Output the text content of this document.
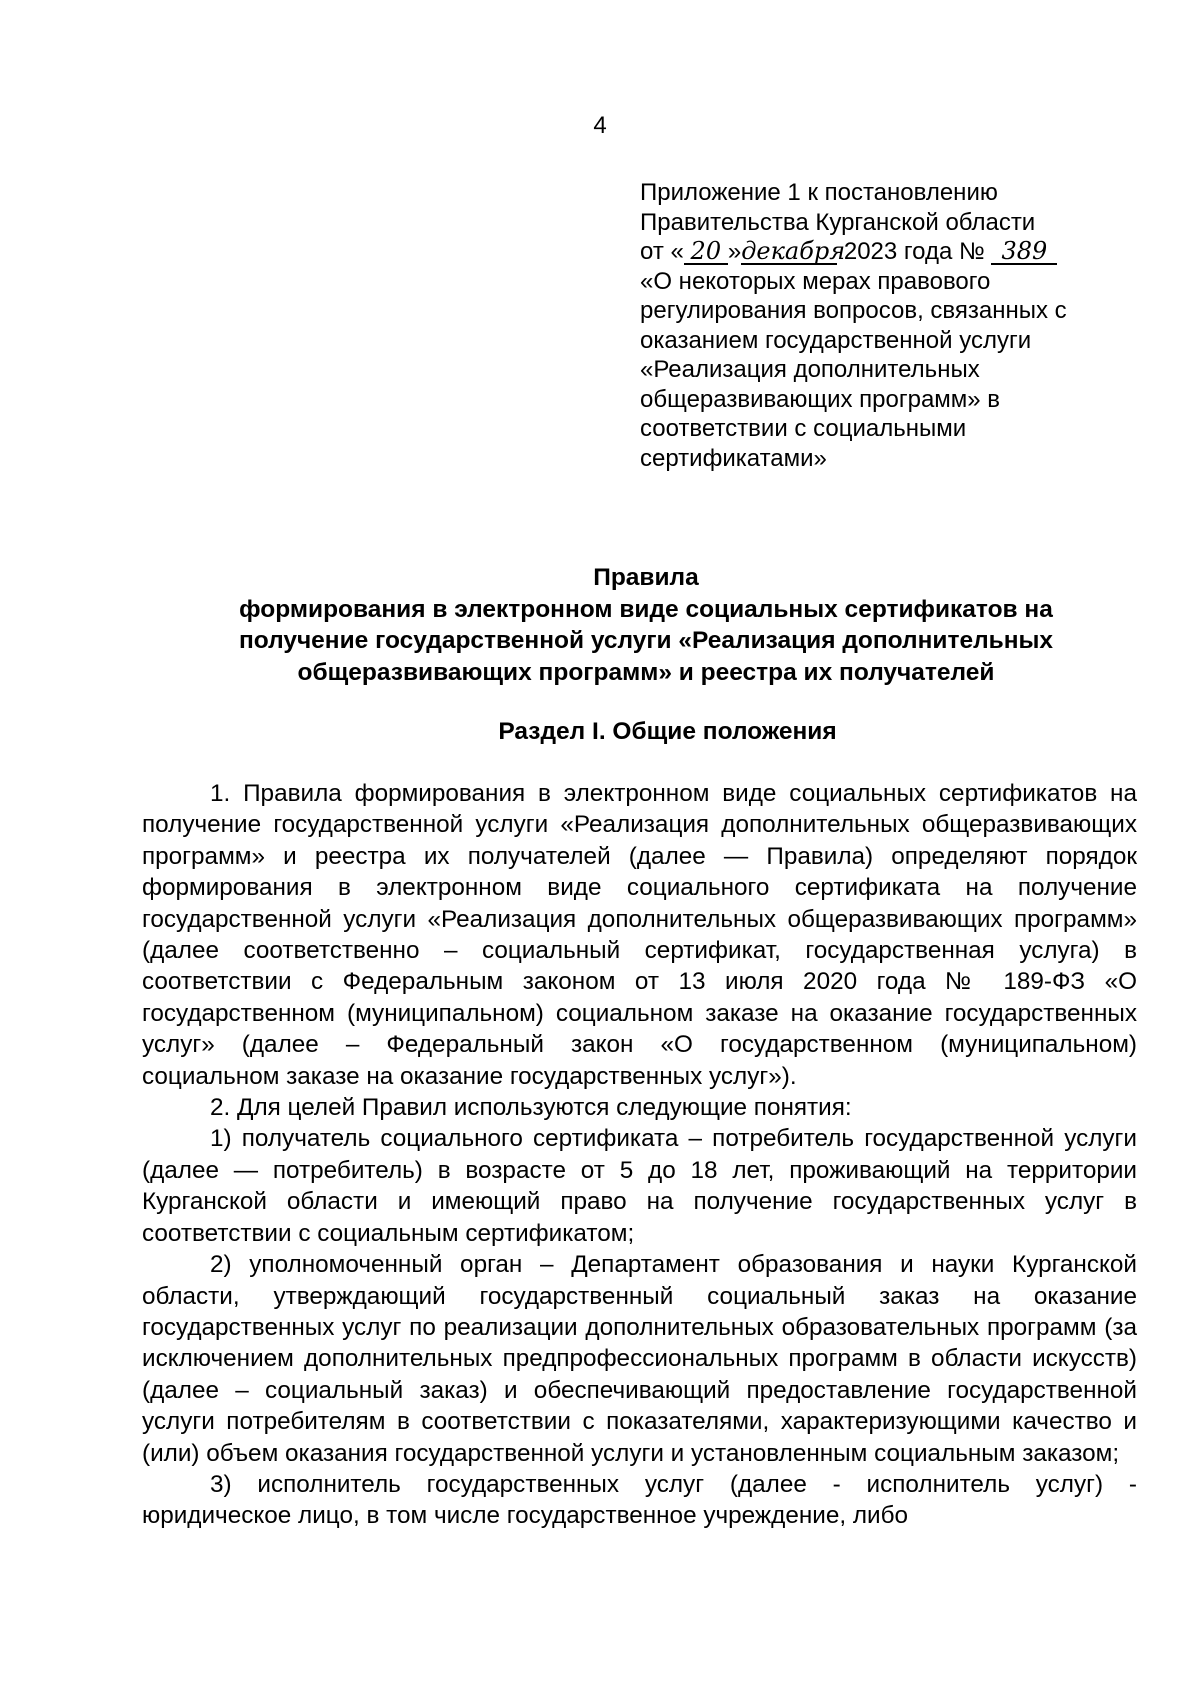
4
Приложение 1 к постановлению
Правительства Курганской области
от « 20 »декабря 2023 года № 389
«О некоторых мерах правового
регулирования вопросов, связанных с
оказанием государственной услуги
«Реализация дополнительных
общеразвивающих программ» в
соответствии с социальными
сертификатами»
Правила
формирования в электронном виде социальных сертификатов на
получение государственной услуги «Реализация дополнительных
общеразвивающих программ» и реестра их получателей
Раздел I. Общие положения

1. Правила формирования в электронном виде социальных сертификатов на получение государственной услуги «Реализация дополнительных общеразвивающих программ» и реестра их получателей (далее — Правила) определяют порядок формирования в электронном виде социального сертификата на получение государственной услуги «Реализация дополнительных общеразвивающих программ» (далее соответственно – социальный сертификат, государственная услуга) в соответствии с Федеральным законом от 13 июля 2020 года № 189-ФЗ «О государственном (муниципальном) социальном заказе на оказание государственных услуг» (далее – Федеральный закон «О государственном (муниципальном) социальном заказе на оказание государственных услуг»).

2. Для целей Правил используются следующие понятия:

1) получатель социального сертификата – потребитель государственной услуги (далее — потребитель) в возрасте от 5 до 18 лет, проживающий на территории Курганской области и имеющий право на получение государственных услуг в соответствии с социальным сертификатом;

2) уполномоченный орган – Департамент образования и науки Курганской области, утверждающий государственный социальный заказ на оказание государственных услуг по реализации дополнительных образовательных программ (за исключением дополнительных предпрофессиональных программ в области искусств) (далее – социальный заказ) и обеспечивающий предоставление государственной услуги потребителям в соответствии с показателями, характеризующими качество и (или) объем оказания государственной услуги и установленным социальным заказом;

3) исполнитель государственных услуг (далее - исполнитель услуг) - юридическое лицо, в том числе государственное учреждение, либо
